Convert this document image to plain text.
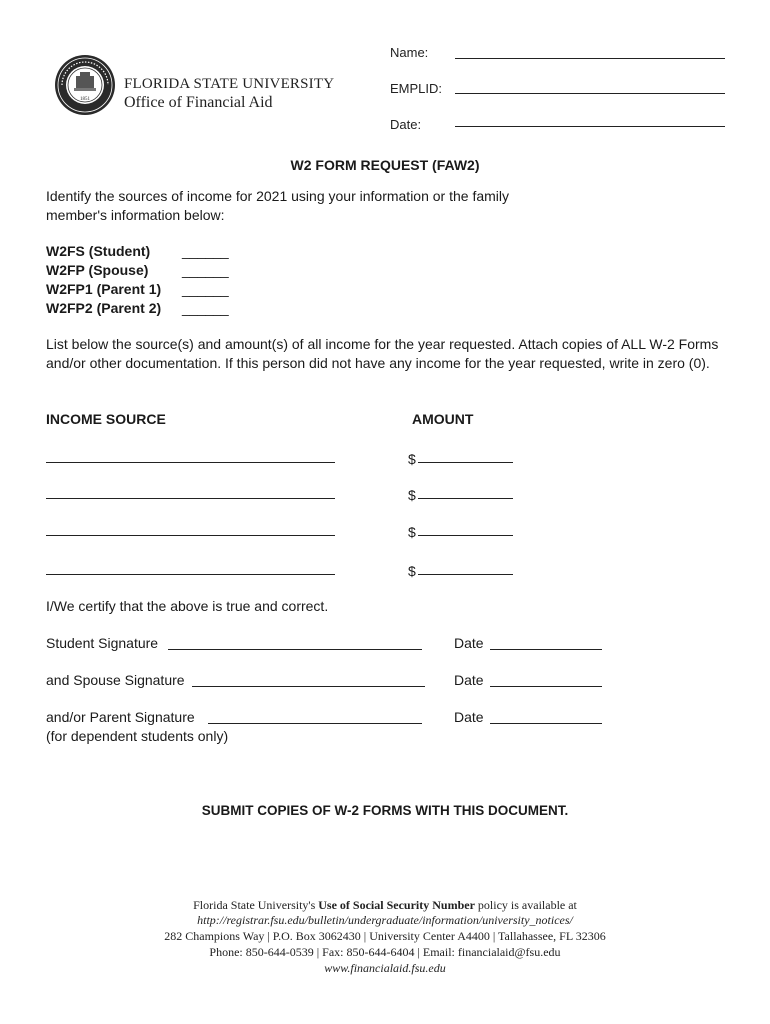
1851
FLORIDA STATE UNIVERSITY
Office of Financial Aid
Name:
EMPLID:
Date:
W2 FORM REQUEST (FAW2)
Identify the sources of income for 2021 using your information or the family member's information below:
W2FS (Student) ______
W2FP (Spouse) ______
W2FP1 (Parent 1) ______
W2FP2 (Parent 2) ______
List below the source(s) and amount(s) of all income for the year requested. Attach copies of ALL W-2 Forms and/or other documentation. If this person did not have any income for the year requested, write in zero (0).
INCOME SOURCE	AMOUNT
$
$
$
$
I/We certify that the above is true and correct.
Student Signature	Date
and Spouse Signature	Date
and/or Parent Signature	Date
(for dependent students only)
SUBMIT COPIES OF W-2 FORMS WITH THIS DOCUMENT.
Florida State University's Use of Social Security Number policy is available at
http://registrar.fsu.edu/bulletin/undergraduate/information/university_notices/
282 Champions Way | P.O. Box 3062430 | University Center A4400 | Tallahassee, FL 32306
Phone: 850-644-0539 | Fax: 850-644-6404 | Email: financialaid@fsu.edu
www.financialaid.fsu.edu
